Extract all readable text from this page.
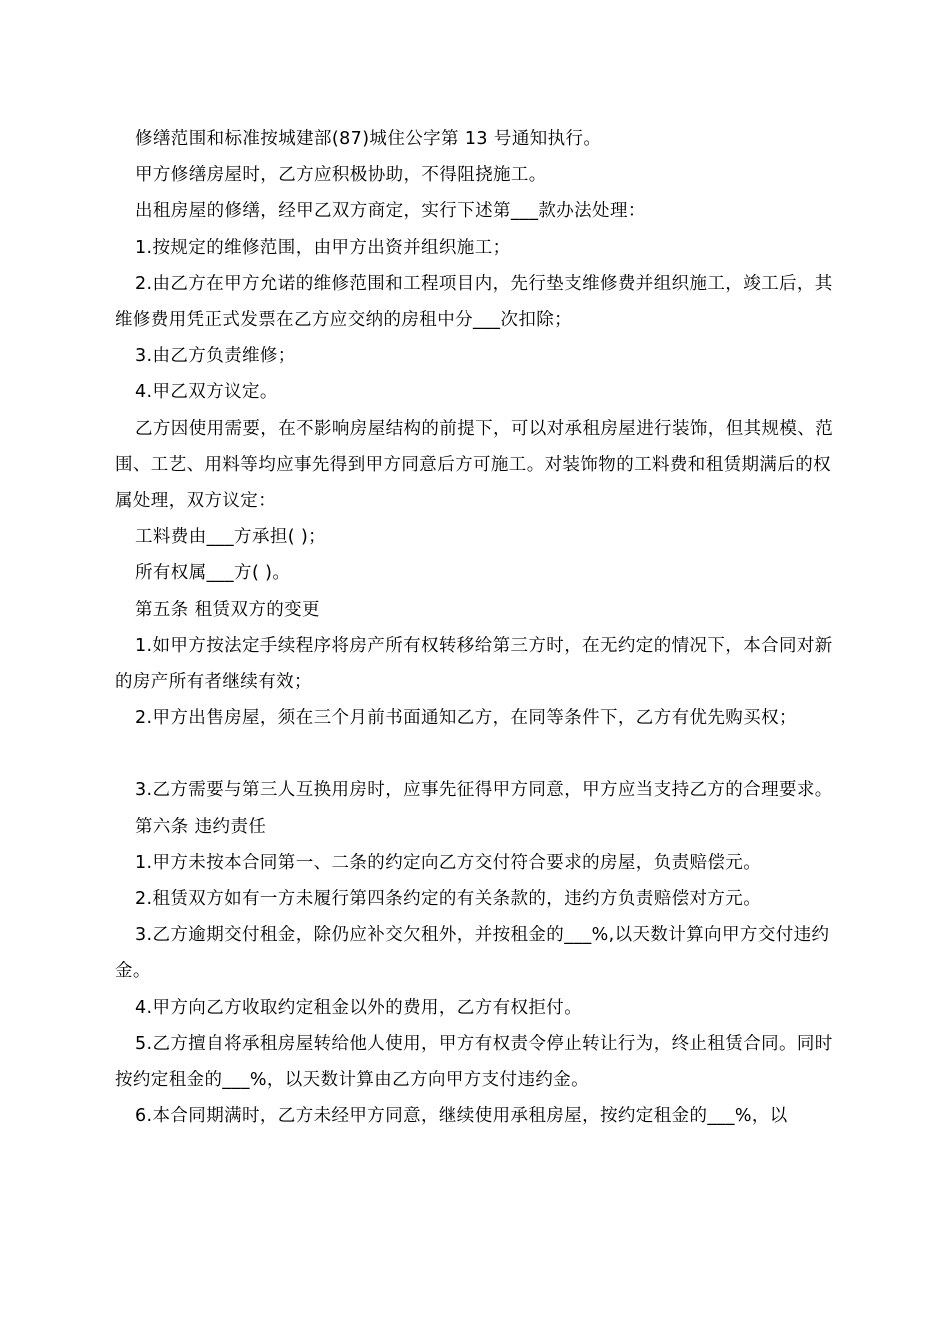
修缮范围和标准按城建部(87)城住公字第 13 号通知执行。

甲方修缮房屋时，乙方应积极协助，不得阻挠施工。

出租房屋的修缮，经甲乙双方商定，实行下述第___款办法处理：

1.按规定的维修范围，由甲方出资并组织施工；

2.由乙方在甲方允诺的维修范围和工程项目内，先行垫支维修费并组织施工，竣工后，其维修费用凭正式发票在乙方应交纳的房租中分___次扣除；

3.由乙方负责维修；

4.甲乙双方议定。

乙方因使用需要，在不影响房屋结构的前提下，可以对承租房屋进行装饰，但其规模、范围、工艺、用料等均应事先得到甲方同意后方可施工。对装饰物的工料费和租赁期满后的权属处理，双方议定：

工料费由___方承担( )；

所有权属___方( )。

第五条 租赁双方的变更

1.如甲方按法定手续程序将房产所有权转移给第三方时，在无约定的情况下，本合同对新的房产所有者继续有效；

2.甲方出售房屋，须在三个月前书面通知乙方，在同等条件下，乙方有优先购买权；

3.乙方需要与第三人互换用房时，应事先征得甲方同意，甲方应当支持乙方的合理要求。

第六条 违约责任

1.甲方未按本合同第一、二条的约定向乙方交付符合要求的房屋，负责赔偿元。

2.租赁双方如有一方未履行第四条约定的有关条款的，违约方负责赔偿对方元。

3.乙方逾期交付租金，除仍应补交欠租外，并按租金的___%,以天数计算向甲方交付违约金。

4.甲方向乙方收取约定租金以外的费用，乙方有权拒付。

5.乙方擅自将承租房屋转给他人使用，甲方有权责令停止转让行为，终止租赁合同。同时按约定租金的___%，以天数计算由乙方向甲方支付违约金。

6.本合同期满时，乙方未经甲方同意，继续使用承租房屋，按约定租金的___%，以
